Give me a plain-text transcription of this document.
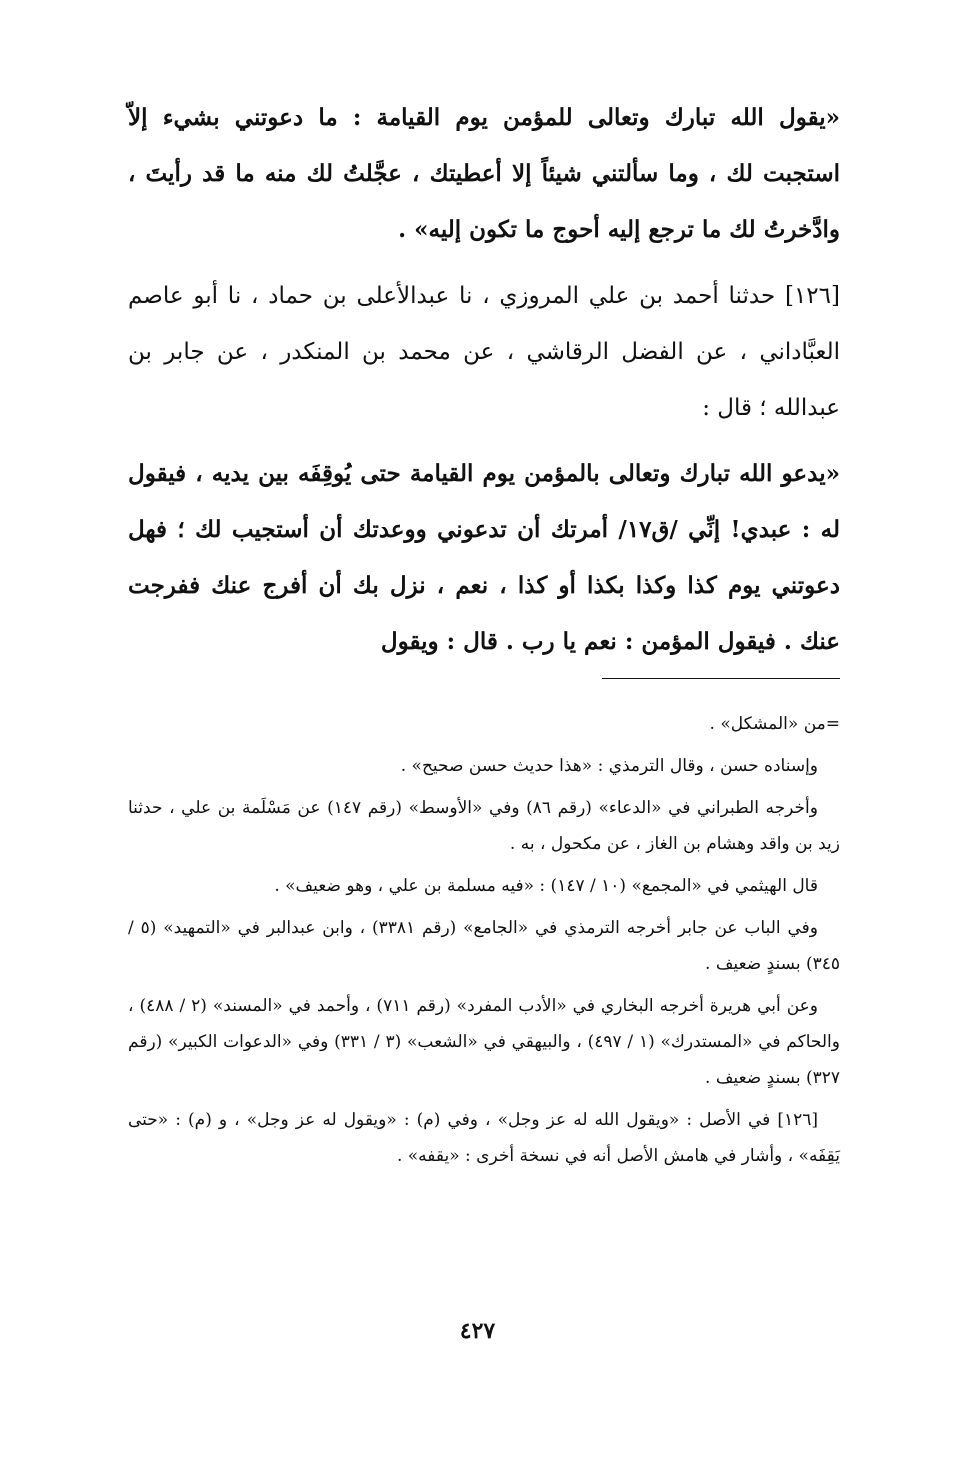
«يقول الله تبارك وتعالى للمؤمن يوم القيامة : ما دعوتني بشيء إلاّ استجبت لك ، وما سألتني شيئاً إلا أعطيتك ، عجَّلتُ لك منه ما قد رأيتَ ، وادَّخرتُ لك ما ترجع إليه أحوج ما تكون إليه» .

[١٢٦] حدثنا أحمد بن علي المروزي ، نا عبدالأعلى بن حماد ، نا أبو عاصم العبَّاداني ، عن الفضل الرقاشي ، عن محمد بن المنكدر ، عن جابر بن عبدالله ؛ قال :

«يدعو الله تبارك وتعالى بالمؤمن يوم القيامة حتى يُوقِفَه بين يديه ، فيقول له : عبدي! إنِّي /ق١٧/ أمرتك أن تدعوني ووعدتك أن أستجيب لك ؛ فهل دعوتني يوم كذا وكذا بكذا أو كذا ، نعم ، نزل بك أن أفرج عنك ففرجت عنك . فيقول المؤمن : نعم يا رب . قال : ويقول

=من «المشكل» .

وإسناده حسن ، وقال الترمذي : «هذا حديث حسن صحيح» .

وأخرجه الطبراني في «الدعاء» (رقم ٨٦) وفي «الأوسط» (رقم ١٤٧) عن مَسْلَمة بن علي ، حدثنا زيد بن واقد وهشام بن الغاز ، عن مكحول ، به .

قال الهيثمي في «المجمع» (١٠ / ١٤٧) : «فيه مسلمة بن علي ، وهو ضعيف» .

وفي الباب عن جابر أخرجه الترمذي في «الجامع» (رقم ٣٣٨١) ، وابن عبدالبر في «التمهيد» (٥ / ٣٤٥) بسندٍ ضعيف .

وعن أبي هريرة أخرجه البخاري في «الأدب المفرد» (رقم ٧١١) ، وأحمد في «المسند» (٢ / ٤٨٨) ، والحاكم في «المستدرك» (١ / ٤٩٧) ، والبيهقي في «الشعب» (٣ / ٣٣١) وفي «الدعوات الكبير» (رقم ٣٢٧) بسندٍ ضعيف .

[١٢٦] في الأصل : «ويقول الله له عز وجل» ، وفي (م) : «ويقول له عز وجل» ، و (م) : «حتى يَقِفَه» ، وأشار في هامش الأصل أنه في نسخة أخرى : «يقفه» .

٤٢٧
